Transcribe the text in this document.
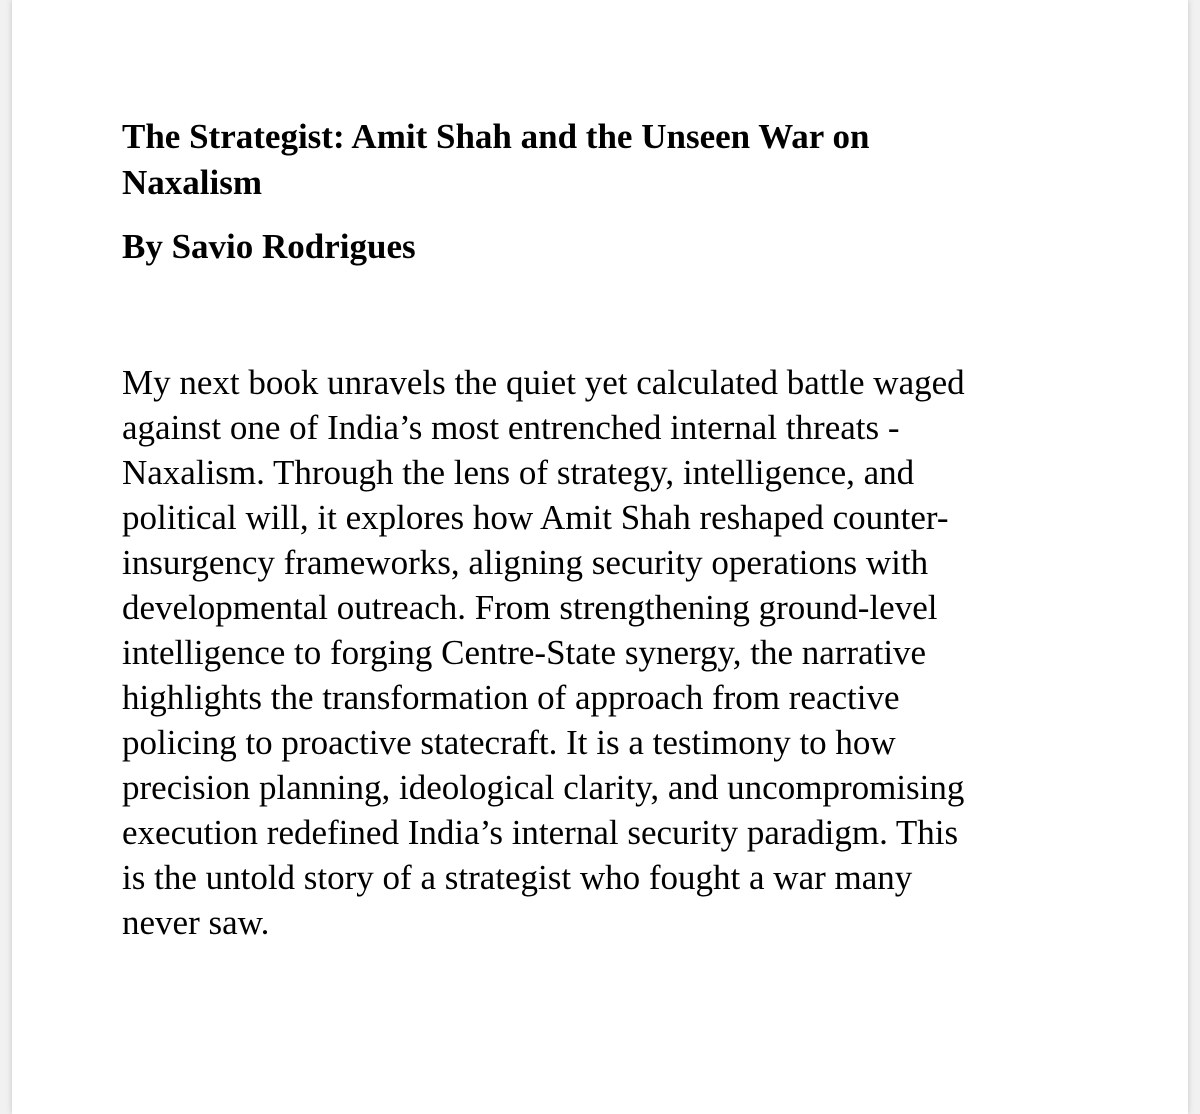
The Strategist: Amit Shah and the Unseen War on Naxalism
By Savio Rodrigues

My next book unravels the quiet yet calculated battle waged
against one of India’s most entrenched internal threats -
Naxalism. Through the lens of strategy, intelligence, and
political will, it explores how Amit Shah reshaped counter-
insurgency frameworks, aligning security operations with
developmental outreach. From strengthening ground-level
intelligence to forging Centre-State synergy, the narrative
highlights the transformation of approach from reactive
policing to proactive statecraft. It is a testimony to how
precision planning, ideological clarity, and uncompromising
execution redefined India’s internal security paradigm. This
is the untold story of a strategist who fought a war many
never saw.
